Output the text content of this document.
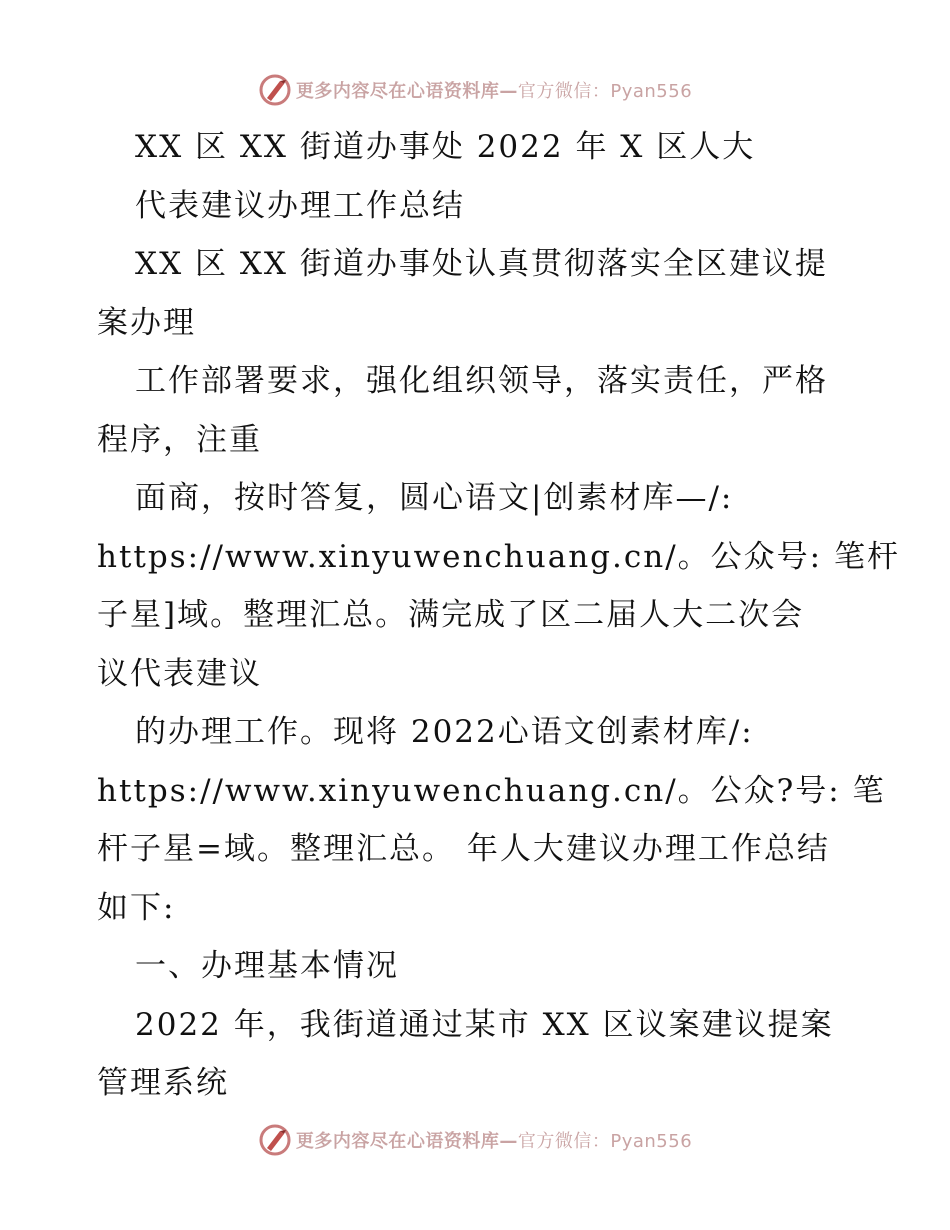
更多内容尽在心语资料库—官方微信：Pyan556
XX 区 XX 街道办事处 2022 年 X 区人大
代表建议办理工作总结
XX 区 XX 街道办事处认真贯彻落实全区建议提
案办理
工作部署要求，强化组织领导，落实责任，严格
程序，注重
面商，按时答复，圆心语文|创素材库—/:
https://www.xinyuwenchuang.cn/。公众号: 笔杆
子星]域。整理汇总。满完成了区二届人大二次会
议代表建议
的办理工作。现将 2022心语文创素材库/:
https://www.xinyuwenchuang.cn/。公众?号: 笔
杆子星=域。整理汇总。 年人大建议办理工作总结
如下:
一、办理基本情况
2022 年，我街道通过某市 XX 区议案建议提案
管理系统
更多内容尽在心语资料库—官方微信：Pyan556
